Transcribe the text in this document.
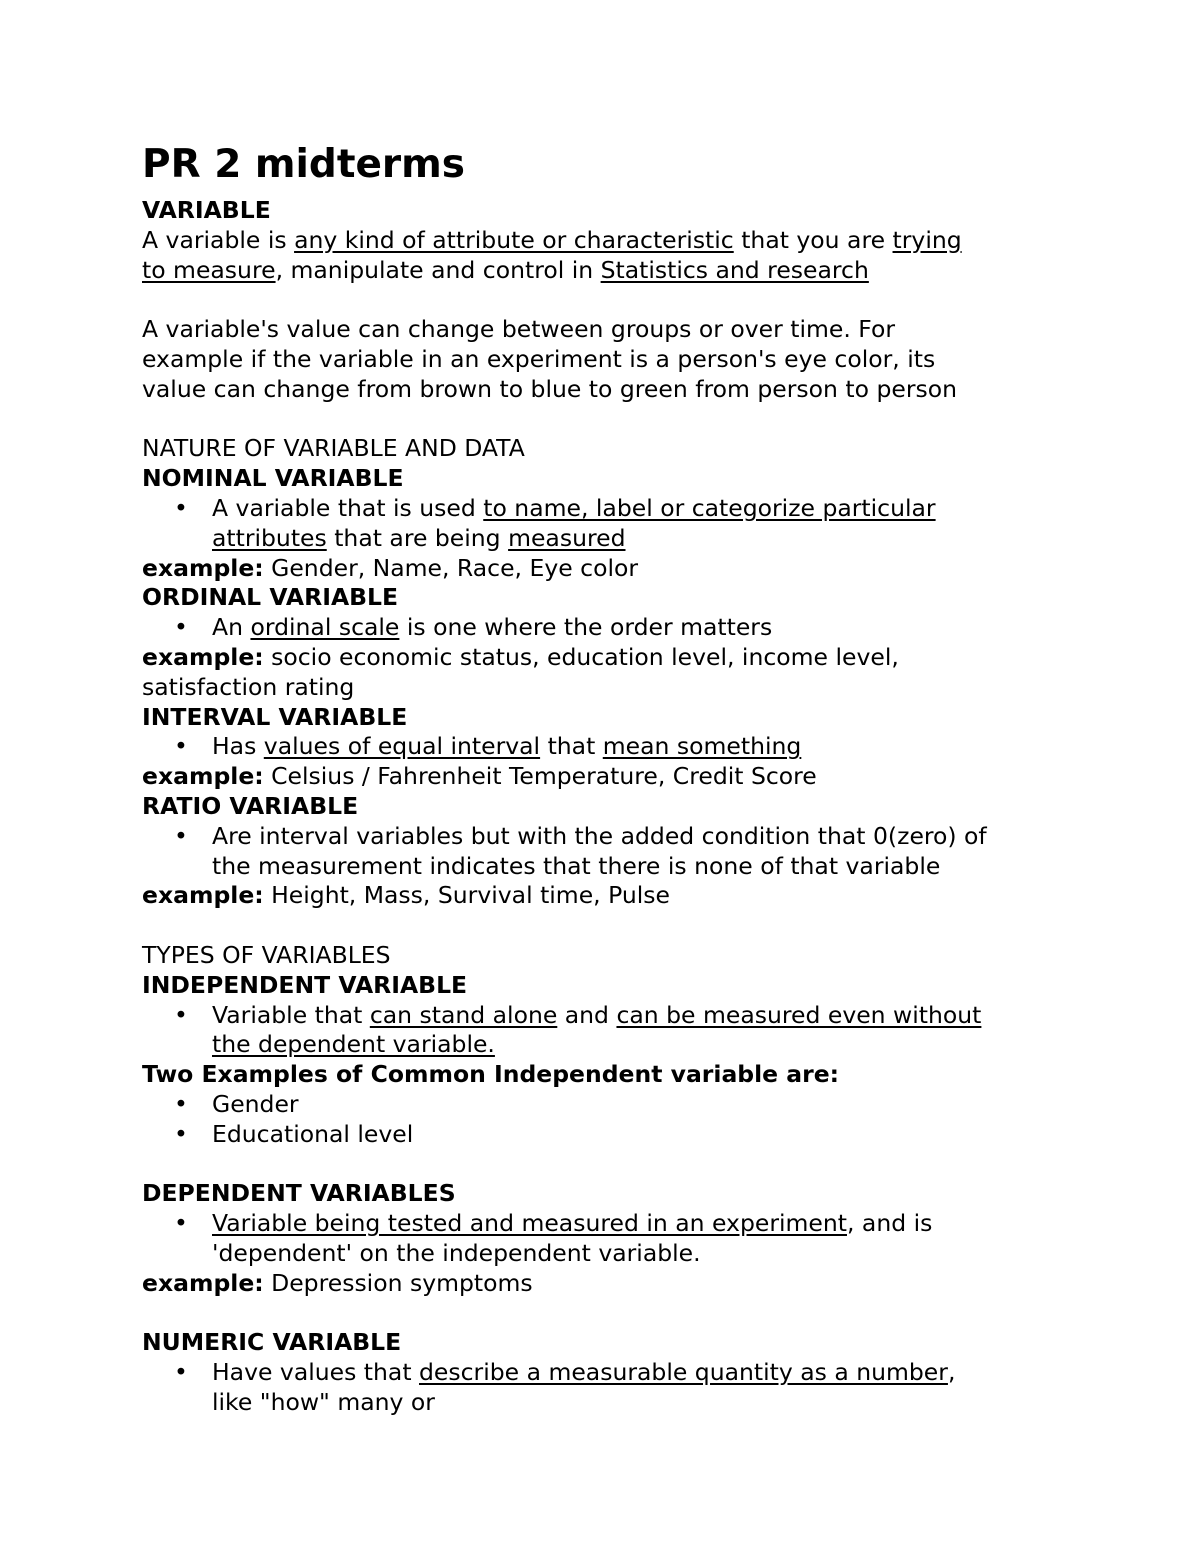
PR 2 midterms
VARIABLE
A variable is any kind of attribute or characteristic that you are trying
to measure, manipulate and control in Statistics and research
A variable's value can change between groups or over time. For
example if the variable in an experiment is a person's eye color, its
value can change from brown to blue to green from person to person
NATURE OF VARIABLE AND DATA
NOMINAL VARIABLE
• A variable that is used to name, label or categorize particular
attributes that are being measured
example: Gender, Name, Race, Eye color
ORDINAL VARIABLE
• An ordinal scale is one where the order matters
example: socio economic status, education level, income level,
satisfaction rating
INTERVAL VARIABLE
• Has values of equal interval that mean something
example: Celsius / Fahrenheit Temperature, Credit Score
RATIO VARIABLE
• Are interval variables but with the added condition that 0(zero) of
the measurement indicates that there is none of that variable
example: Height, Mass, Survival time, Pulse
TYPES OF VARIABLES
INDEPENDENT VARIABLE
• Variable that can stand alone and can be measured even without
the dependent variable.
Two Examples of Common Independent variable are:
• Gender
• Educational level
DEPENDENT VARIABLES
• Variable being tested and measured in an experiment, and is
'dependent' on the independent variable.
example: Depression symptoms
NUMERIC VARIABLE
• Have values that describe a measurable quantity as a number,
like "how" many or
